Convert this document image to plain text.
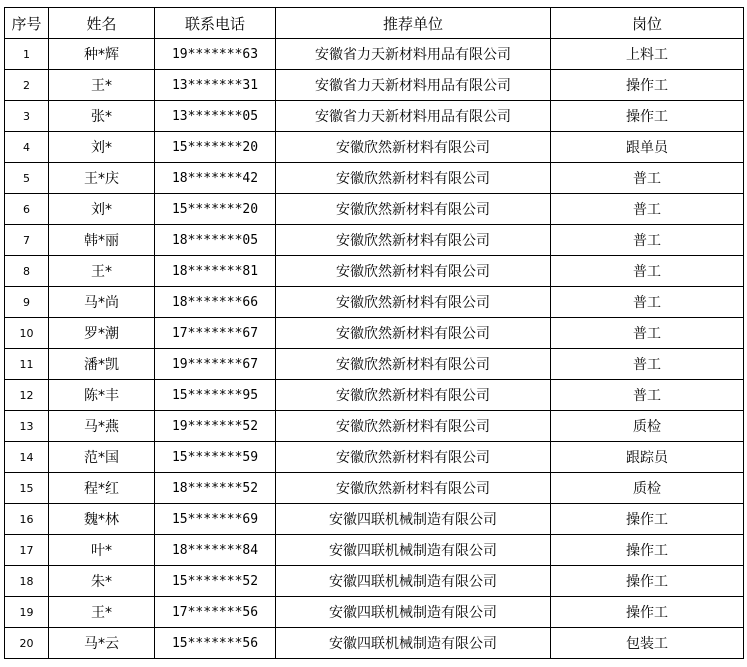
序号	姓名	联系电话	推荐单位	岗位
1	种*辉	19*******63	安徽省力天新材料用品有限公司	上料工
2	王*	13*******31	安徽省力天新材料用品有限公司	操作工
3	张*	13*******05	安徽省力天新材料用品有限公司	操作工
4	刘*	15*******20	安徽欣然新材料有限公司	跟单员
5	王*庆	18*******42	安徽欣然新材料有限公司	普工
6	刘*	15*******20	安徽欣然新材料有限公司	普工
7	韩*丽	18*******05	安徽欣然新材料有限公司	普工
8	王*	18*******81	安徽欣然新材料有限公司	普工
9	马*尚	18*******66	安徽欣然新材料有限公司	普工
10	罗*潮	17*******67	安徽欣然新材料有限公司	普工
11	潘*凯	19*******67	安徽欣然新材料有限公司	普工
12	陈*丰	15*******95	安徽欣然新材料有限公司	普工
13	马*燕	19*******52	安徽欣然新材料有限公司	质检
14	范*国	15*******59	安徽欣然新材料有限公司	跟踪员
15	程*红	18*******52	安徽欣然新材料有限公司	质检
16	魏*林	15*******69	安徽四联机械制造有限公司	操作工
17	叶*	18*******84	安徽四联机械制造有限公司	操作工
18	朱*	15*******52	安徽四联机械制造有限公司	操作工
19	王*	17*******56	安徽四联机械制造有限公司	操作工
20	马*云	15*******56	安徽四联机械制造有限公司	包装工
